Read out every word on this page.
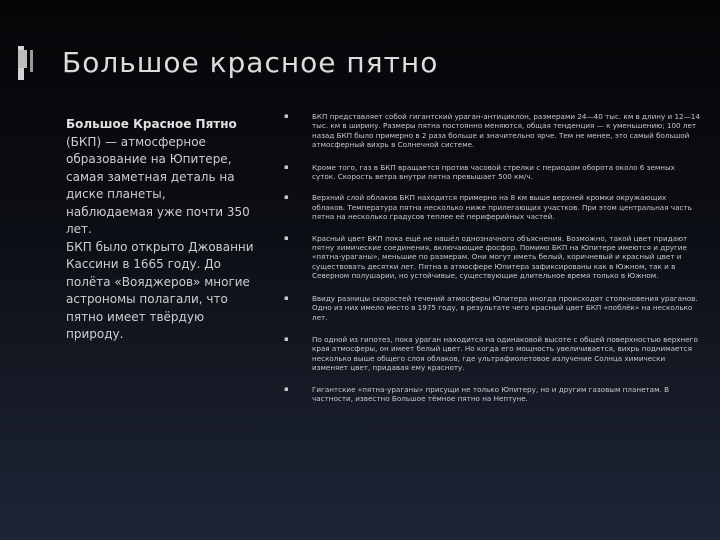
Большое красное пятно

Большое Красное Пятно (БКП) — атмосферное образование на Юпитере, самая заметная деталь на диске планеты, наблюдаемая уже почти 350 лет.

БКП было открыто Джованни Кассини в 1665 году. До полёта «Вояджеров» многие астрономы полагали, что пятно имеет твёрдую природу.

▪	БКП представляет собой гигантский ураган-антициклон, размерами 24—40 тыс. км в длину и 12—14 тыс. км в ширину. Размеры пятна постоянно меняются, общая тенденция — к уменьшению; 100 лет назад БКП было примерно в 2 раза больше и значительно ярче. Тем не менее, это самый большой атмосферный вихрь в Солнечной системе.
▪	Кроме того, газ в БКП вращается против часовой стрелки с периодом оборота около 6 земных суток. Скорость ветра внутри пятна превышает 500 км/ч.
▪	Верхний слой облаков БКП находится примерно на 8 км выше верхней кромки окружающих облаков. Температура пятна несколько ниже прилегающих участков. При этом центральная часть пятна на несколько градусов теплее её периферийных частей.
▪	Красный цвет БКП пока ещё не нашёл однозначного объяснения. Возможно, такой цвет придают пятну химические соединения, включающие фосфор. Помимо БКП на Юпитере имеются и другие «пятна-ураганы», меньшие по размерам. Они могут иметь белый, коричневый и красный цвет и существовать десятки лет. Пятна в атмосфере Юпитера зафиксированы как в Южном, так и в Северном полушарии, но устойчивые, существующие длительное время только в Южном.
▪	Ввиду разницы скоростей течений атмосферы Юпитера иногда происходят столкновения ураганов. Одно из них имело место в 1975 году, в результате чего красный цвет БКП «поблёк» на несколько лет.
▪	По одной из гипотез, пока ураган находится на одинаковой высоте с общей поверхностью верхнего края атмосферы, он имеет белый цвет. Но когда его мощность увеличивается, вихрь поднимается несколько выше общего слоя облаков, где ультрафиолетовое излучение Солнца химически изменяет цвет, придавая ему красноту.
▪	Гигантские «пятна-ураганы» присущи не только Юпитеру, но и другим газовым планетам. В частности, известно Большое тёмное пятно на Нептуне.
